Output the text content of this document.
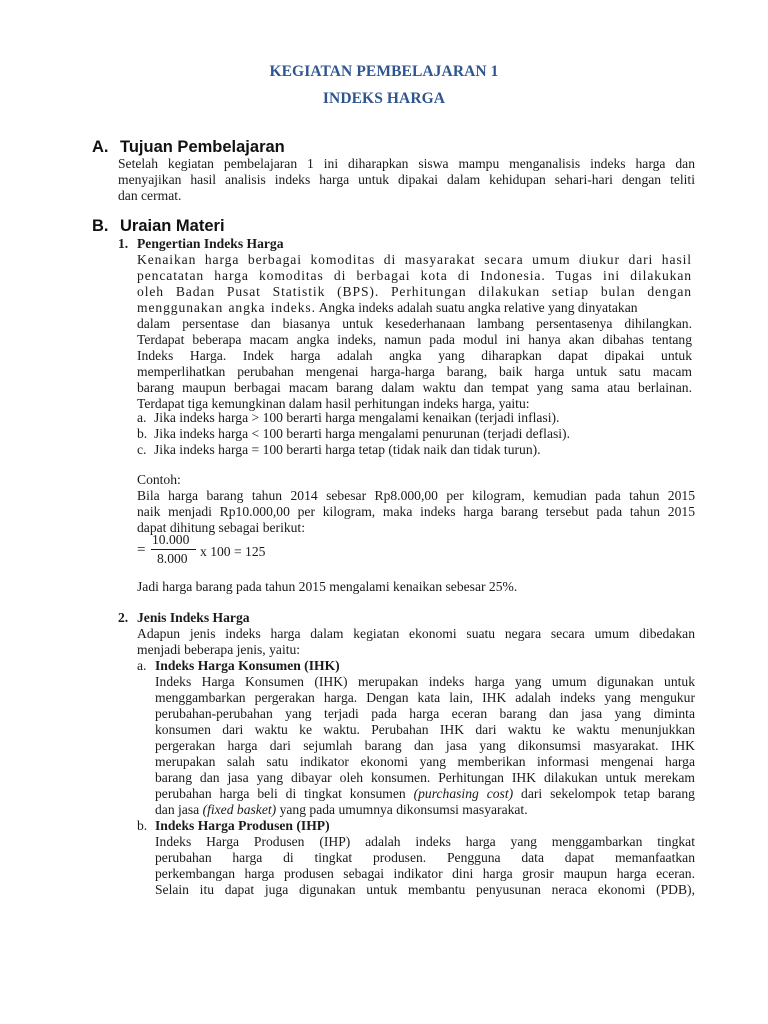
KEGIATAN PEMBELAJARAN 1
INDEKS HARGA
A. Tujuan Pembelajaran
Setelah kegiatan pembelajaran 1 ini diharapkan siswa mampu menganalisis indeks harga dan
menyajikan hasil analisis indeks harga untuk dipakai dalam kehidupan sehari-hari dengan teliti
dan cermat.
B. Uraian Materi
1. Pengertian Indeks Harga
Kenaikan harga berbagai komoditas di masyarakat secara umum diukur dari hasil
pencatatan harga komoditas di berbagai kota di Indonesia. Tugas ini dilakukan
oleh Badan Pusat Statistik (BPS). Perhitungan dilakukan setiap bulan dengan
menggunakan angka indeks. Angka indeks adalah suatu angka relative yang dinyatakan
dalam persentase dan biasanya untuk kesederhanaan lambang persentasenya dihilangkan.
Terdapat beberapa macam angka indeks, namun pada modul ini hanya akan dibahas tentang
Indeks Harga. Indek harga adalah angka yang diharapkan dapat dipakai untuk
memperlihatkan perubahan mengenai harga-harga barang, baik harga untuk satu macam
barang maupun berbagai macam barang dalam waktu dan tempat yang sama atau berlainan.
Terdapat tiga kemungkinan dalam hasil perhitungan indeks harga, yaitu:
a. Jika indeks harga > 100 berarti harga mengalami kenaikan (terjadi inflasi).
b. Jika indeks harga < 100 berarti harga mengalami penurunan (terjadi deflasi).
c. Jika indeks harga = 100 berarti harga tetap (tidak naik dan tidak turun).
Contoh:
Bila harga barang tahun 2014 sebesar Rp8.000,00 per kilogram, kemudian pada tahun 2015
naik menjadi Rp10.000,00 per kilogram, maka indeks harga barang tersebut pada tahun 2015
dapat dihitung sebagai berikut:
=
10.000
8.000 x 100 = 125
Jadi harga barang pada tahun 2015 mengalami kenaikan sebesar 25%.
2. Jenis Indeks Harga
Adapun jenis indeks harga dalam kegiatan ekonomi suatu negara secara umum dibedakan
menjadi beberapa jenis, yaitu:
a. Indeks Harga Konsumen (IHK)
Indeks Harga Konsumen (IHK) merupakan indeks harga yang umum digunakan untuk
menggambarkan pergerakan harga. Dengan kata lain, IHK adalah indeks yang mengukur
perubahan-perubahan yang terjadi pada harga eceran barang dan jasa yang diminta
konsumen dari waktu ke waktu. Perubahan IHK dari waktu ke waktu menunjukkan
pergerakan harga dari sejumlah barang dan jasa yang dikonsumsi masyarakat. IHK
merupakan salah satu indikator ekonomi yang memberikan informasi mengenai harga
barang dan jasa yang dibayar oleh konsumen. Perhitungan IHK dilakukan untuk merekam
perubahan harga beli di tingkat konsumen (purchasing cost) dari sekelompok tetap barang
dan jasa (fixed basket) yang pada umumnya dikonsumsi masyarakat.
b. Indeks Harga Produsen (IHP)
Indeks Harga Produsen (IHP) adalah indeks harga yang menggambarkan tingkat
perubahan harga di tingkat produsen. Pengguna data dapat memanfaatkan
perkembangan harga produsen sebagai indikator dini harga grosir maupun harga eceran.
Selain itu dapat juga digunakan untuk membantu penyusunan neraca ekonomi (PDB),
